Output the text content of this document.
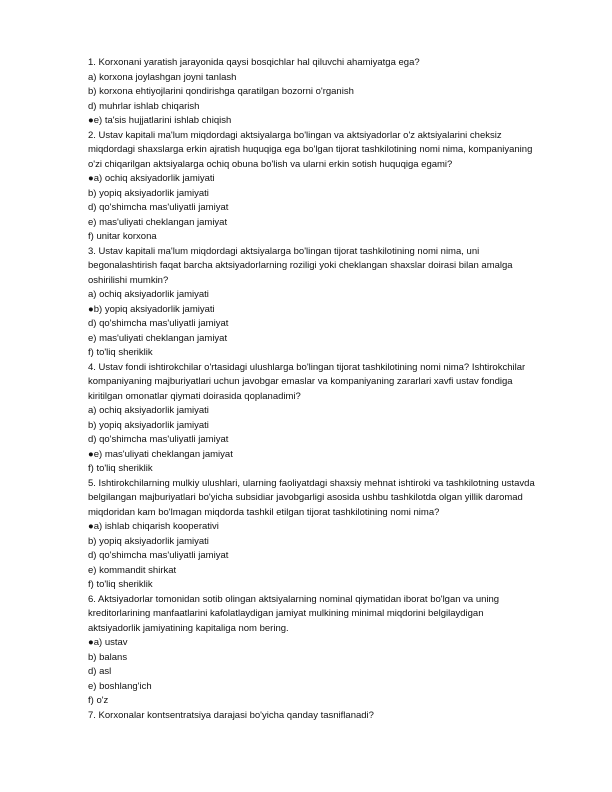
1. Korxonani yaratish jarayonida qaysi bosqichlar hal qiluvchi ahamiyatga ega?
a) korxona joylashgan joyni tanlash
b) korxona ehtiyojlarini qondirishga qaratilgan bozorni o'rganish
d) muhrlar ishlab chiqarish
●e) ta'sis hujjatlarini ishlab chiqish
2. Ustav kapitali ma'lum miqdordagi aktsiyalarga bo'lingan va aktsiyadorlar o'z aktsiyalarini cheksiz
miqdordagi shaxslarga erkin ajratish huquqiga ega bo'lgan tijorat tashkilotining nomi nima, kompaniyaning
o'zi chiqarilgan aktsiyalarga ochiq obuna bo'lish va ularni erkin sotish huquqiga egami?
●a) ochiq aksiyadorlik jamiyati
b) yopiq aksiyadorlik jamiyati
d) qo'shimcha mas'uliyatli jamiyat
e) mas'uliyati cheklangan jamiyat
f) unitar korxona
3. Ustav kapitali ma'lum miqdordagi aktsiyalarga bo'lingan tijorat tashkilotining nomi nima, uni
begonalashtirish faqat barcha aktsiyadorlarning roziligi yoki cheklangan shaxslar doirasi bilan amalga
oshirilishi mumkin?
a) ochiq aksiyadorlik jamiyati
●b) yopiq aksiyadorlik jamiyati
d) qo'shimcha mas'uliyatli jamiyat
e) mas'uliyati cheklangan jamiyat
f) to'liq sheriklik
4. Ustav fondi ishtirokchilar o'rtasidagi ulushlarga bo'lingan tijorat tashkilotining nomi nima? Ishtirokchilar
kompaniyaning majburiyatlari uchun javobgar emaslar va kompaniyaning zararlari xavfi ustav fondiga
kiritilgan omonatlar qiymati doirasida qoplanadimi?
a) ochiq aksiyadorlik jamiyati
b) yopiq aksiyadorlik jamiyati
d) qo'shimcha mas'uliyatli jamiyat
●e) mas'uliyati cheklangan jamiyat
f) to'liq sheriklik
5. Ishtirokchilarning mulkiy ulushlari, ularning faoliyatdagi shaxsiy mehnat ishtiroki va tashkilotning ustavda
belgilangan majburiyatlari bo'yicha subsidiar javobgarligi asosida ushbu tashkilotda olgan yillik daromad
miqdoridan kam bo'lmagan miqdorda tashkil etilgan tijorat tashkilotining nomi nima?
●a) ishlab chiqarish kooperativi
b) yopiq aksiyadorlik jamiyati
d) qo'shimcha mas'uliyatli jamiyat
e) kommandit shirkat
f) to'liq sheriklik
6. Aktsiyadorlar tomonidan sotib olingan aktsiyalarning nominal qiymatidan iborat bo'lgan va uning
kreditorlarining manfaatlarini kafolatlaydigan jamiyat mulkining minimal miqdorini belgilaydigan
aktsiyadorlik jamiyatining kapitaliga nom bering.
●a) ustav
b) balans
d) asl
e) boshlang'ich
f) o'z
7. Korxonalar kontsentratsiya darajasi bo'yicha qanday tasniflanadi?
